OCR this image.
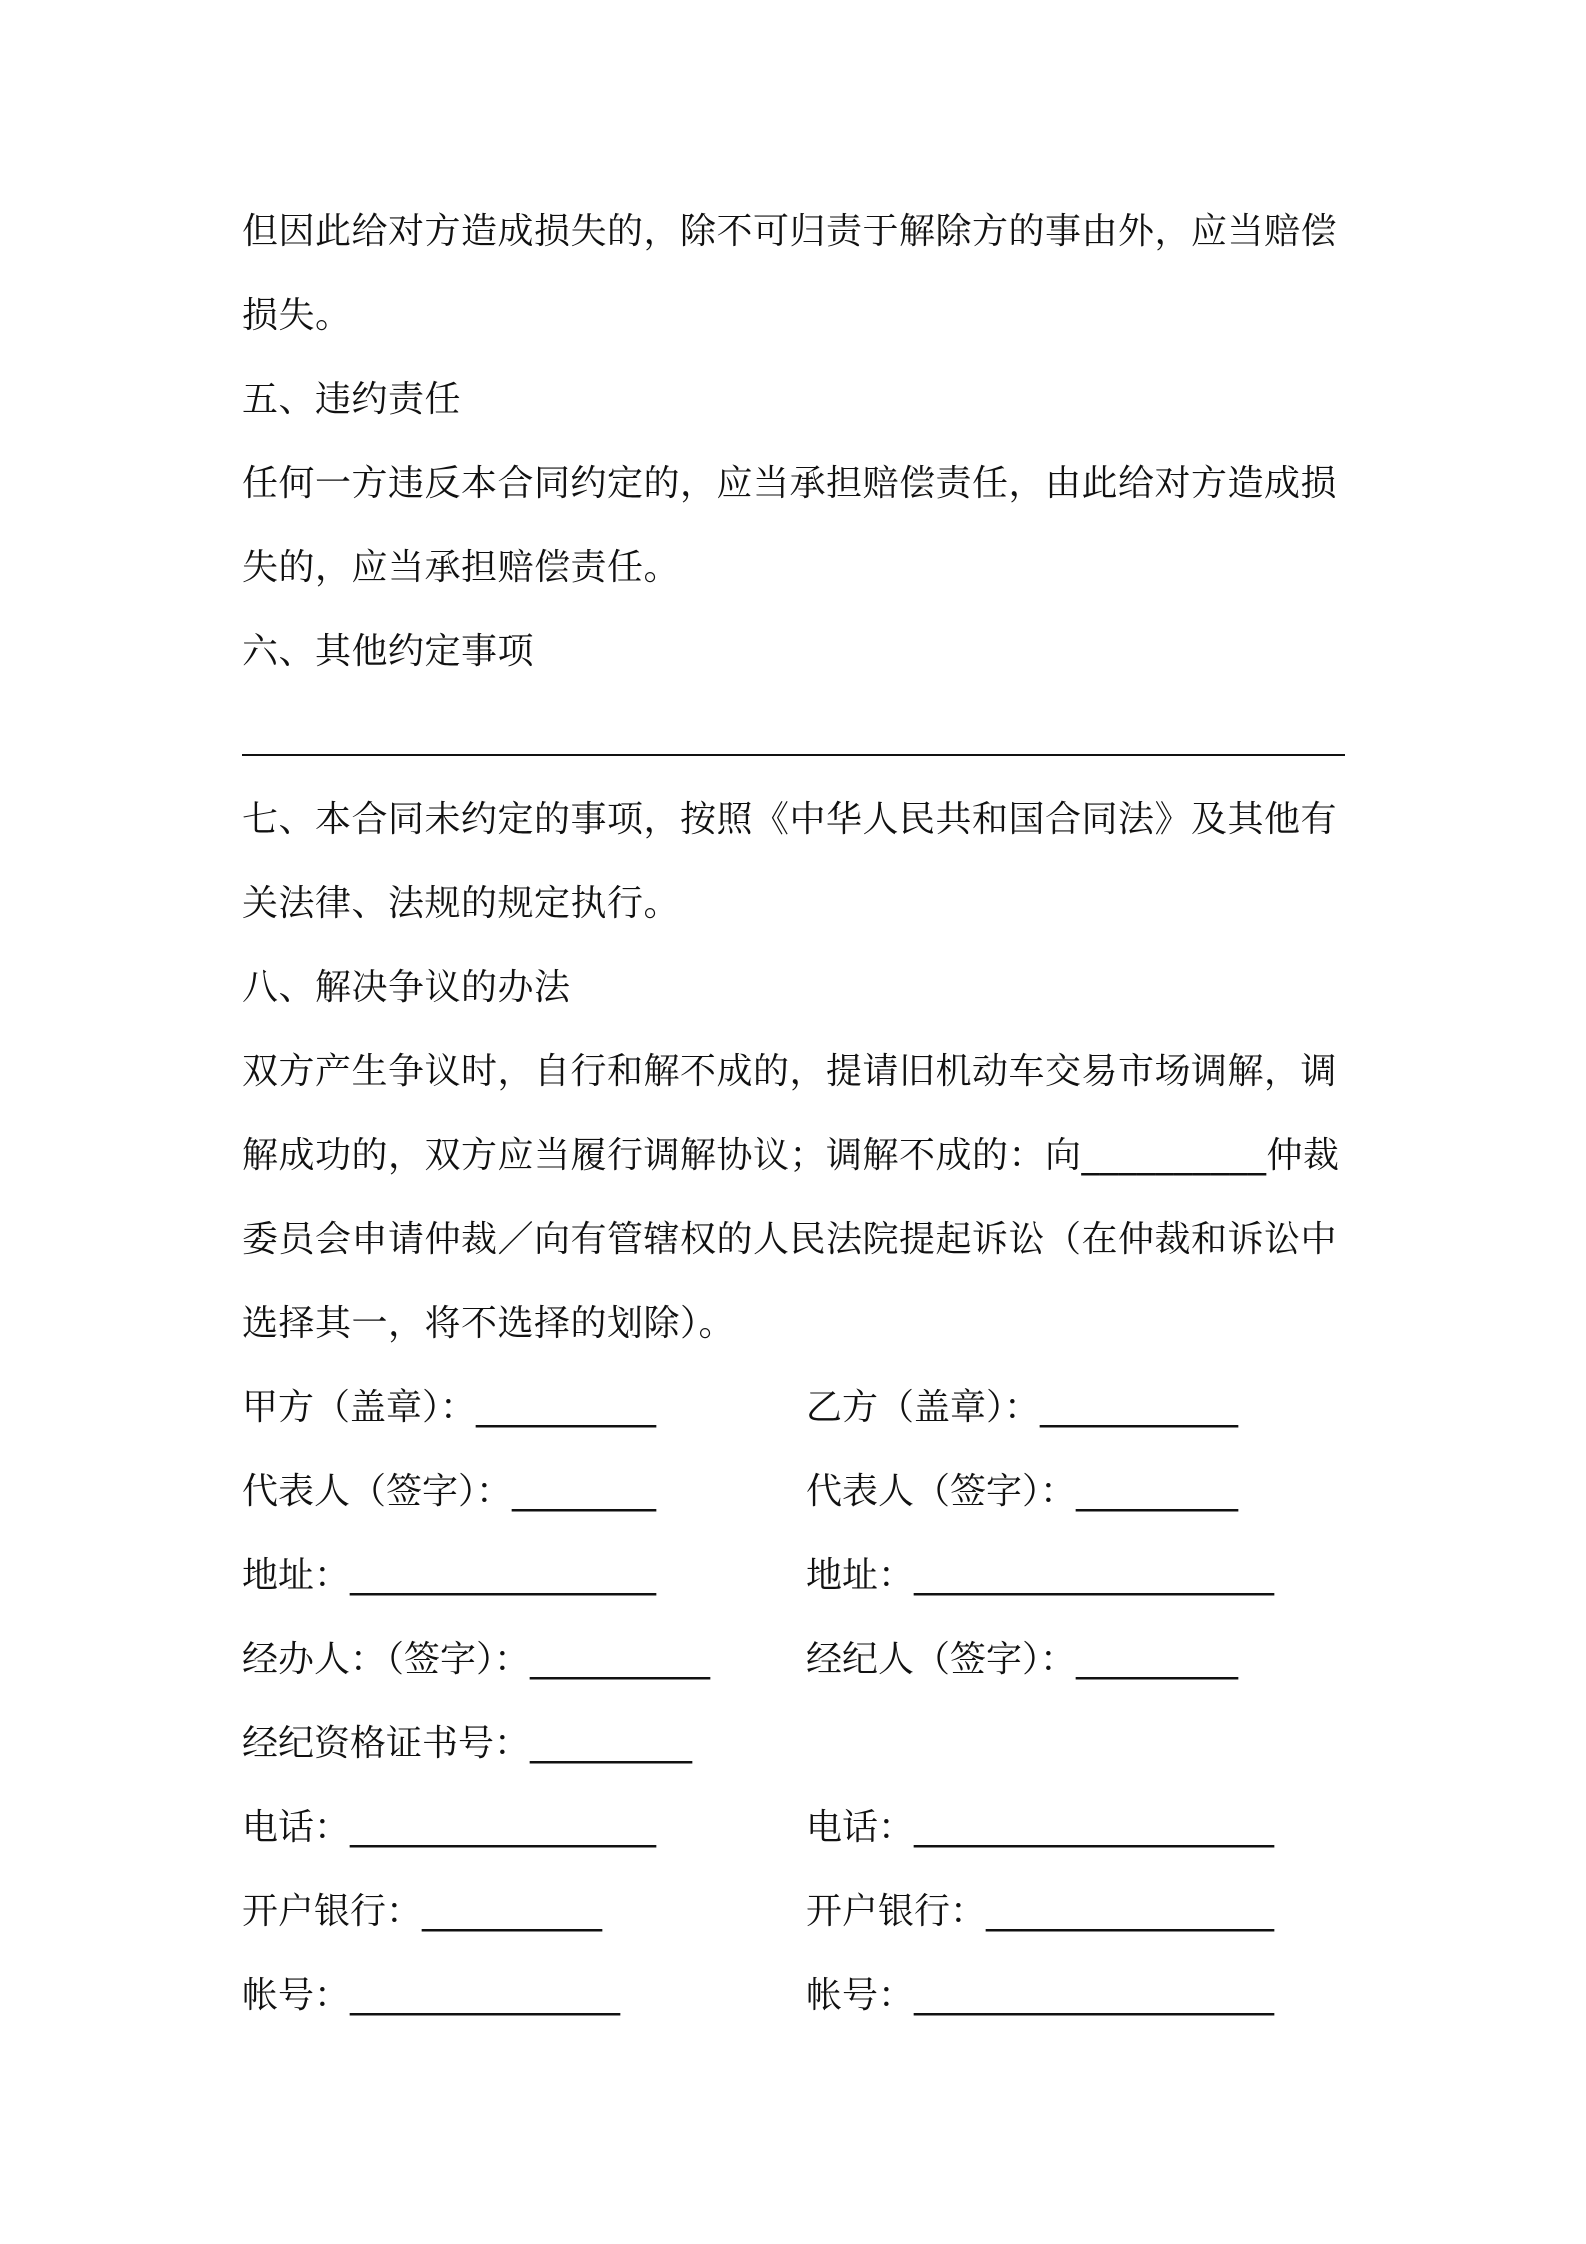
但因此给对方造成损失的，除不可归责于解除方的事由外，应当赔偿
损失。
五、违约责任
任何一方违反本合同约定的，应当承担赔偿责任，由此给对方造成损
失的，应当承担赔偿责任。
六、其他约定事项
七、本合同未约定的事项，按照《中华人民共和国合同法》及其他有
关法律、法规的规定执行。
八、解决争议的办法
双方产生争议时，自行和解不成的，提请旧机动车交易市场调解，调
解成功的，双方应当履行调解协议；调解不成的：向__________仲裁
委员会申请仲裁／向有管辖权的人民法院提起诉讼（在仲裁和诉讼中
选择其一，将不选择的划除）。
甲方（盖章）：__________	乙方（盖章）：___________
代表人（签字）：________	代表人（签字）：_________
地址：_________________	地址：____________________
经办人：（签字）：__________	经纪人（签字）：_________
经纪资格证书号：_________
电话：_________________	电话：____________________
开户银行：__________	开户银行：________________
帐号：_______________	帐号：____________________
